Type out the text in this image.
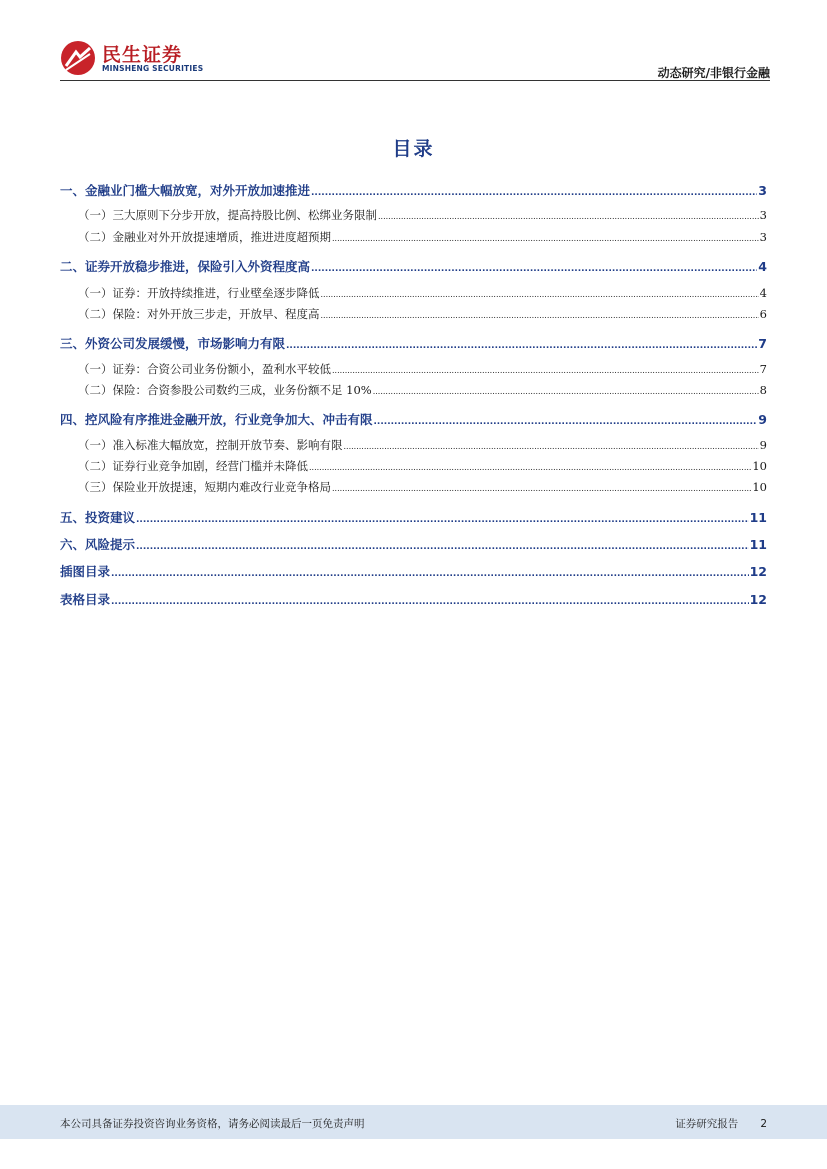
民生证券
MINSHENG SECURITIES	动态研究/非银行金融
目录
一、金融业门槛大幅放宽，对外开放加速推进 .....	3
（一）三大原则下分步开放，提高持股比例、松绑业务限制 .....	3
（二）金融业对外开放提速增质，推进进度超预期 .....	3
二、证券开放稳步推进，保险引入外资程度高 .....	4
（一）证券：开放持续推进，行业壁垒逐步降低 .....	4
（二）保险：对外开放三步走，开放早、程度高 .....	6
三、外资公司发展缓慢，市场影响力有限 .....	7
（一）证券：合资公司业务份额小，盈利水平较低 .....	7
（二）保险：合资参股公司数约三成，业务份额不足 10% .....	8
四、控风险有序推进金融开放，行业竞争加大、冲击有限 .....	9
（一）准入标准大幅放宽，控制开放节奏、影响有限 .....	9
（二）证券行业竞争加剧，经营门槛并未降低 .....	10
（三）保险业开放提速，短期内难改行业竞争格局 .....	10
五、投资建议 .....	11
六、风险提示 .....	11
插图目录 .....	12
表格目录 .....	12
本公司具备证券投资咨询业务资格，请务必阅读最后一页免责声明	证券研究报告 2
